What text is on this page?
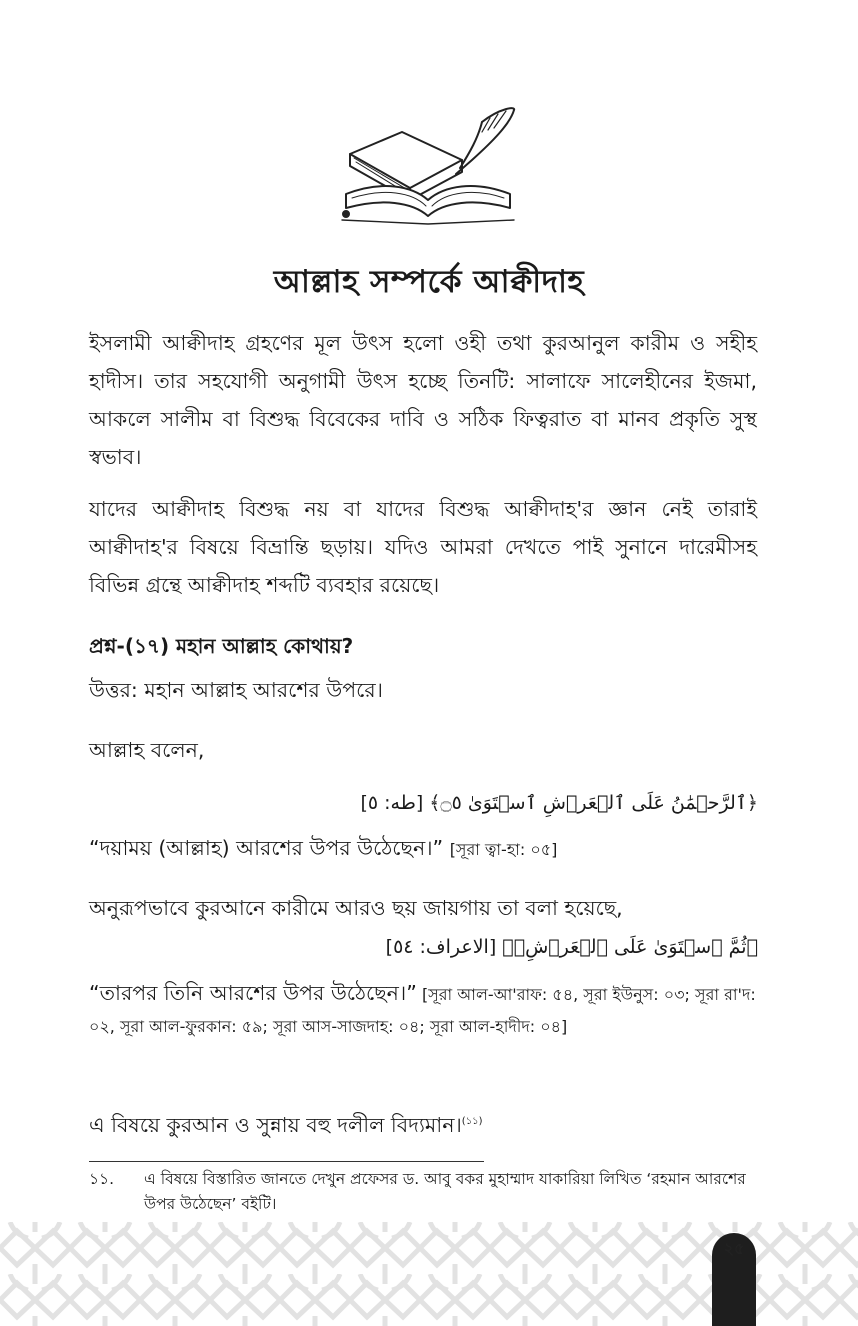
আল্লাহ সম্পর্কে আক্বীদাহ

ইসলামী আক্বীদাহ গ্রহণের মূল উৎস হলো ওহী তথা কুরআনুল কারীম ও সহীহ হাদীস। তার সহযোগী অনুগামী উৎস হচ্ছে তিনটি: সালাফে সালেহীনের ইজমা, আকলে সালীম বা বিশুদ্ধ বিবেকের দাবি ও সঠিক ফিত্বরাত বা মানব প্রকৃতি সুস্থ স্বভাব।

যাদের আক্বীদাহ বিশুদ্ধ নয় বা যাদের বিশুদ্ধ আক্বীদাহ'র জ্ঞান নেই তারাই আক্বীদাহ'র বিষয়ে বিভ্রান্তি ছড়ায়। যদিও আমরা দেখতে পাই সুনানে দারেমীসহ বিভিন্ন গ্রন্থে আক্বীদাহ শব্দটি ব্যবহার রয়েছে।

প্রশ্ন-(১৭) মহান আল্লাহ কোথায়?

উত্তর: মহান আল্লাহ আরশের উপরে।

আল্লাহ বলেন,

﴿ٱلرَّحۡمَٰنُ عَلَى ٱلۡعَرۡشِ ٱسۡتَوَىٰ ۝٥﴾ [طه: ٥]

“দয়াময় (আল্লাহ) আরশের উপর উঠেছেন।” [সূরা ত্বা-হা: ০৫]

অনুরূপভাবে কুরআনে কারীমে আরও ছয় জায়গায় তা বলা হয়েছে,

﴿ثُمَّ ٱسۡتَوَىٰ عَلَى ٱلۡعَرۡشِۖ﴾ [الاعراف: ٥٤]

“তারপর তিনি আরশের উপর উঠেছেন।” [সূরা আল-আ'রাফ: ৫৪, সূরা ইউনুস: ০৩; সূরা রা'দ: ০২, সূরা আল-ফুরকান: ৫৯; সূরা আস-সাজদাহ: ০৪; সূরা আল-হাদীদ: ০৪]

এ বিষয়ে কুরআন ও সুন্নায় বহু দলীল বিদ্যমান।$^{(১১)}$

১১. এ বিষয়ে বিস্তারিত জানতে দেখুন প্রফেসর ড. আবু বকর মুহাম্মাদ যাকারিয়া লিখিত ‘রহমান আরশের উপর উঠেছেন’ বইটি।
২৫
